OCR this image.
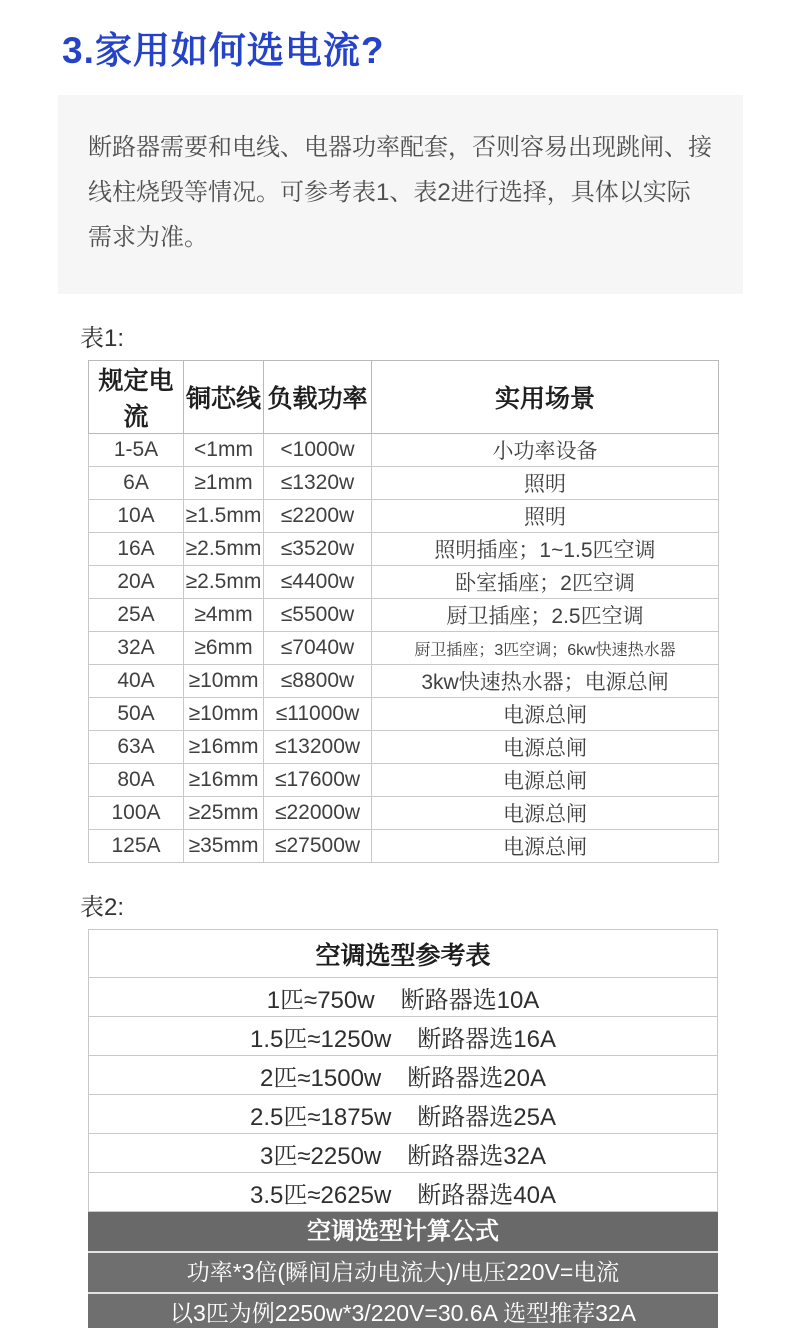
3.家用如何选电流?

断路器需要和电线、电器功率配套，否则容易出现跳闸、接线柱烧毁等情况。可参考表1、表2进行选择，具体以实际需求为准。

表1:
规定电流	铜芯线	负载功率	实用场景
1-5A	<1mm	<1000w	小功率设备
6A	≥1mm	≤1320w	照明
10A	≥1.5mm	≤2200w	照明
16A	≥2.5mm	≤3520w	照明插座；1~1.5匹空调
20A	≥2.5mm	≤4400w	卧室插座；2匹空调
25A	≥4mm	≤5500w	厨卫插座；2.5匹空调
32A	≥6mm	≤7040w	厨卫插座；3匹空调；6kw快速热水器
40A	≥10mm	≤8800w	3kw快速热水器；电源总闸
50A	≥10mm	≤11000w	电源总闸
63A	≥16mm	≤13200w	电源总闸
80A	≥16mm	≤17600w	电源总闸
100A	≥25mm	≤22000w	电源总闸
125A	≥35mm	≤27500w	电源总闸
表2:
空调选型参考表
1匹≈750w 断路器选10A
1.5匹≈1250w 断路器选16A
2匹≈1500w 断路器选20A
2.5匹≈1875w 断路器选25A
3匹≈2250w 断路器选32A
3.5匹≈2625w 断路器选40A
空调选型计算公式
功率*3倍(瞬间启动电流大)/电压220V=电流
以3匹为例2250w*3/220V=30.6A 选型推荐32A
